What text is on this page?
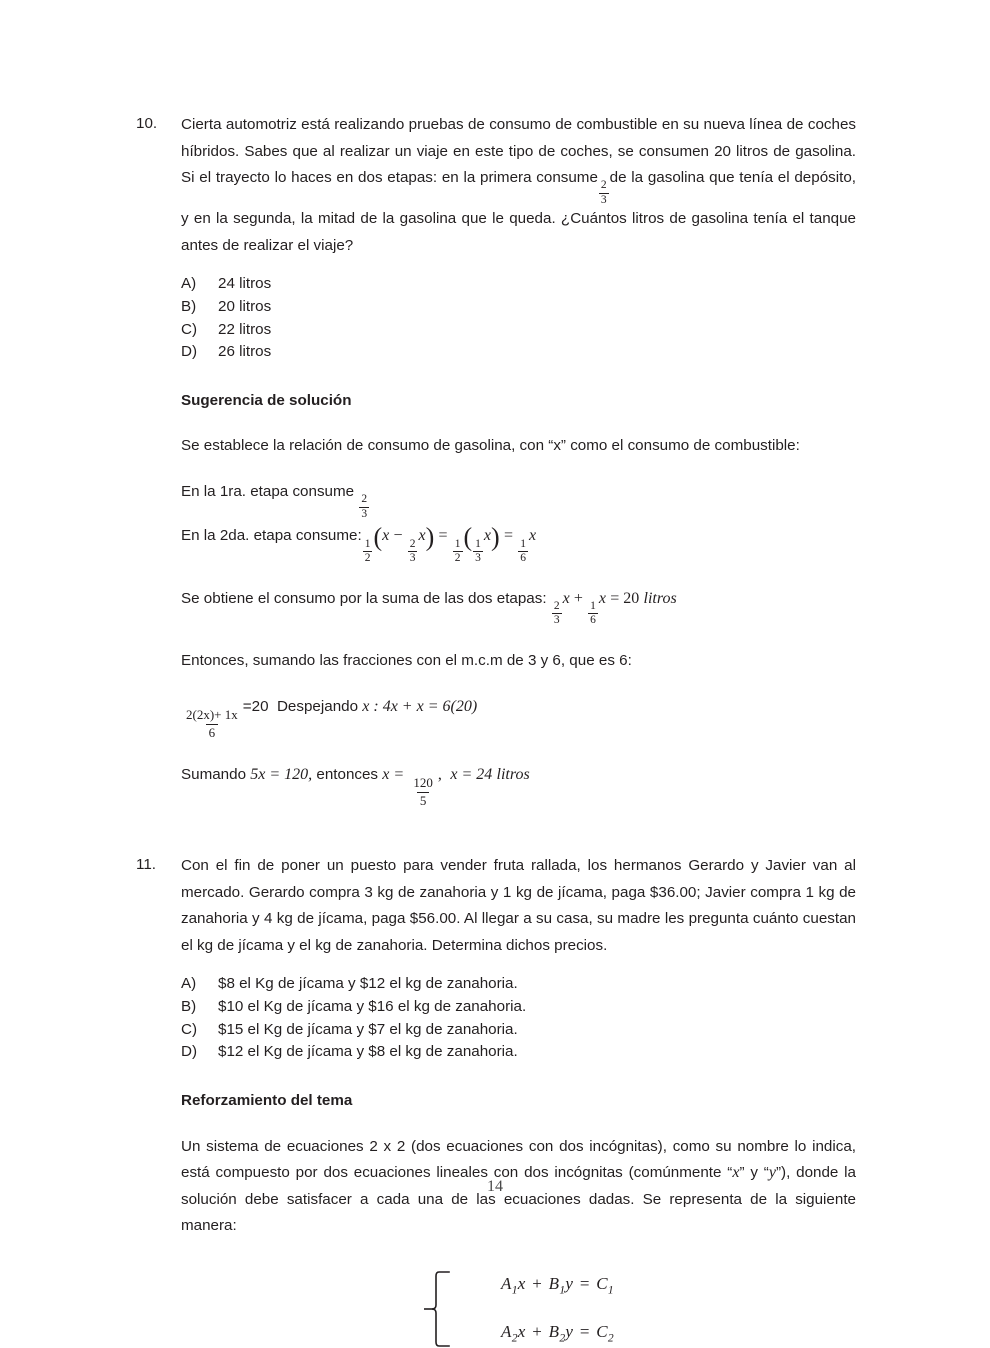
10.	Cierta automotriz está realizando pruebas de consumo de combustible en su nueva línea de coches híbridos. Sabes que al realizar un viaje en este tipo de coches, se consumen 20 litros de gasolina. Si el trayecto lo haces en dos etapas: en la primera consume
$\frac{2}{3}$
de la gasolina que tenía el depósito, y en la segunda, la mitad de la gasolina que le queda. ¿Cuántos litros de gasolina tenía el tanque antes de realizar el viaje?
A)	24 litros
B)	20 litros
C)	22 litros
D)	26 litros
Sugerencia de solución
Se establece la relación de consumo de gasolina, con “x” como el consumo de combustible:
En la 1ra. etapa consume
$\frac{2}{3}$
En la 2da. etapa consume:
$\frac{1}{2} (x$ −
$\frac{2}{3}$
x) =
$\frac{1}{2}$ ( $\frac{1}{3}$
x) =
$\frac{1}{6}$
x
Se obtiene el consumo por la suma de las dos etapas:
$\frac{2}{3}$
x +
$\frac{1}{6}$
x = 20 litros
Entonces, sumando las fracciones con el m.c.m de 3 y 6, que es 6:
$\frac{2(2x)+ 1x}{6}$
=20 Despejando x : 4x + x = 6(20)
Sumando 5x = 120, entonces x =
$\frac{120}{5}$
, x = 24 litros
11.	Con el fin de poner un puesto para vender fruta rallada, los hermanos Gerardo y Javier van al mercado. Gerardo compra 3 kg de zanahoria y 1 kg de jícama, paga $36.00; Javier compra 1 kg de zanahoria y 4 kg de jícama, paga $56.00. Al llegar a su casa, su madre les pregunta cuánto cuestan el kg de jícama y el kg de zanahoria. Determina dichos precios.
A)	$8 el Kg de jícama y $12 el kg de zanahoria.
B)	$10 el Kg de jícama y $16 el kg de zanahoria.
C)	$15 el Kg de jícama y $7 el kg de zanahoria.
D)	$12 el Kg de jícama y $8 el kg de zanahoria.
Reforzamiento del tema
Un sistema de ecuaciones 2 x 2 (dos ecuaciones con dos incógnitas), como su nombre lo indica, está compuesto por dos ecuaciones lineales con dos incógnitas (comúnmente “x” y “y”), donde la solución debe satisfacer a cada una de las ecuaciones dadas. Se representa de la siguiente manera:
$A_1x + B_1y = C_1$
$A_2x + B_2y = C_2$
14
